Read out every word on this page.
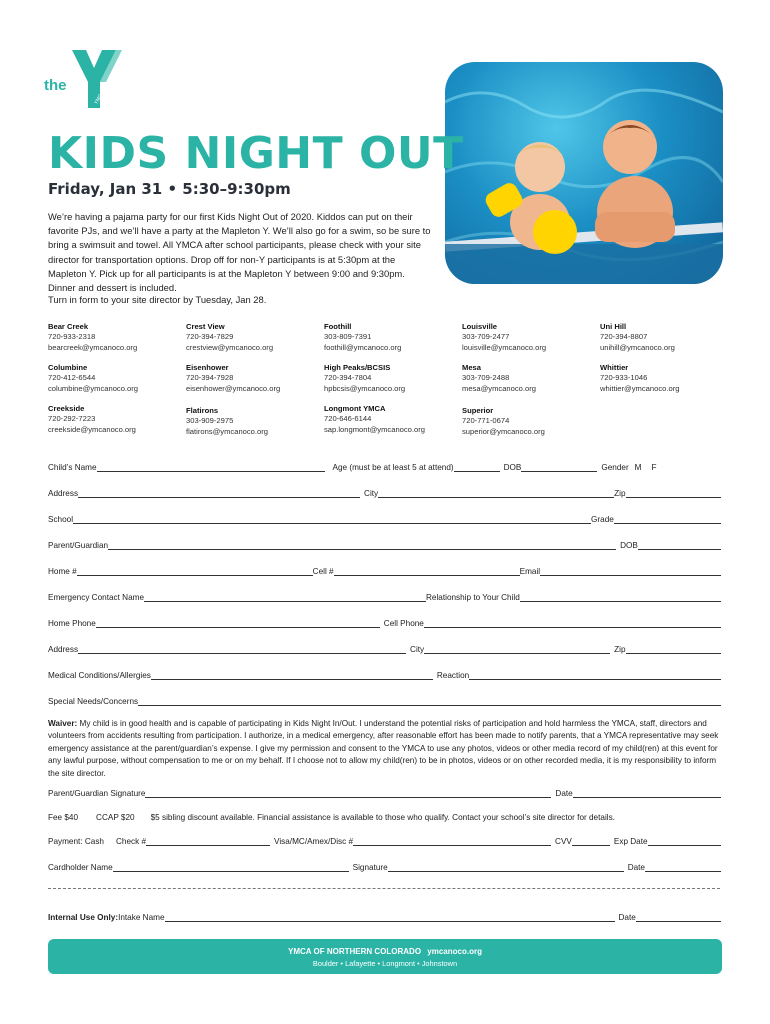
the
YMCA
KIDS NIGHT OUT
Friday, Jan 31 • 5:30–9:30pm
We’re having a pajama party for our first Kids Night Out of 2020. Kiddos can put on their favorite PJs, and we’ll have a party at the Mapleton Y. We’ll also go for a swim, so be sure to bring a swimsuit and towel. All YMCA after school participants, please check with your site director for transportation options. Drop off for non-Y participants is at 5:30pm at the Mapleton Y. Pick up for all participants is at the Mapleton Y between 9:00 and 9:30pm. Dinner and dessert is included.
Turn in form to your site director by Tuesday, Jan 28.
Bear Creek
720-933-2318
bearcreek@ymcanoco.org
Crest View
720-394-7829
crestview@ymcanoco.org
Foothill
303-809-7391
foothill@ymcanoco.org
Louisville
303-709-2477
louisville@ymcanoco.org
Uni Hill
720-394-8807
unihill@ymcanoco.org
Columbine
720-412-6544
columbine@ymcanoco.org
Eisenhower
720-394-7928
eisenhower@ymcanoco.org
High Peaks/BCSIS
720-394-7804
hpbcsis@ymcanoco.org
Mesa
303-709-2488
mesa@ymcanoco.org
Whittier
720-933-1046
whittier@ymcanoco.org
Creekside
720-292-7223
creekside@ymcanoco.org
Flatirons
303-909-2975
flatirons@ymcanoco.org
Longmont YMCA
720-646-6144
sap.longmont@ymcanoco.org
Superior
720-771-0674
superior@ymcanoco.org
Child’s Name	Age (must be at least 5 at attend)	DOB	Gender M F
Address	City	Zip
School	Grade
Parent/Guardian	DOB
Home #	Cell #	Email
Emergency Contact Name	Relationship to Your Child
Home Phone	Cell Phone
Address	City	Zip
Medical Conditions/Allergies	Reaction
Special Needs/Concerns
Waiver: My child is in good health and is capable of participating in Kids Night In/Out. I understand the potential risks of participation and hold harmless the YMCA, staff, directors and volunteers from accidents resulting from participation. I authorize, in a medical emergency, after reasonable effort has been made to notify parents, that a YMCA representative may seek emergency assistance at the parent/guardian’s expense. I give my permission and consent to the YMCA to use any photos, videos or other media record of my child(ren) at this event for any lawful purpose, without compensation to me or on my behalf. If I choose not to allow my child(ren) to be in photos, videos or on other recorded media, it is my responsibility to inform the site director.
Parent/Guardian Signature	Date
Fee $40 CCAP $20 $5 sibling discount available. Financial assistance is available to those who qualify. Contact your school’s site director for details.
Payment: Cash Check #	Visa/MC/Amex/Disc #	CVV	Exp Date
Cardholder Name	Signature	Date
Internal Use Only: Intake Name	Date
YMCA OF NORTHERN COLORADO ymcanoco.org
Boulder • Lafayette • Longmont • Johnstown
